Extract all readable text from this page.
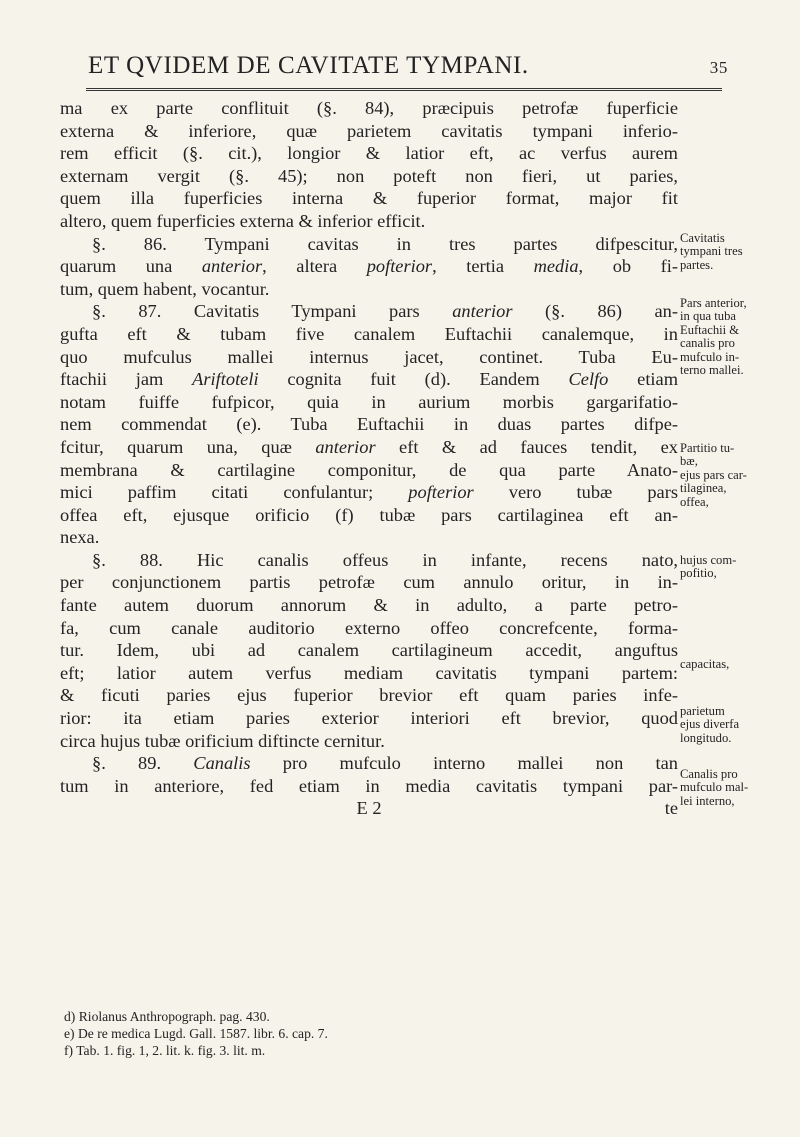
ET QVIDEM DE CAVITATE TYMPANI.	35
ma ex parte conflituit (§. 84), præcipuis petrofæ fuperficie
externa & inferiore, quæ parietem cavitatis tympani inferio-
rem efficit (§. cit.), longior & latior eft, ac verfus aurem
externam vergit (§. 45); non poteft non fieri, ut paries,
quem illa fuperficies interna & fuperior format, major fit
altero, quem fuperficies externa & inferior efficit.
§. 86. Tympani cavitas in tres partes difpescitur,
quarum una anterior, altera pofterior, tertia media, ob fi-
tum, quem habent, vocantur.
§. 87. Cavitatis Tympani pars anterior (§. 86) an-
gufta eft & tubam five canalem Euftachii canalemque, in
quo mufculus mallei internus jacet, continet. Tuba Eu-
ftachii jam Ariftoteli cognita fuit (d). Eandem Celfo etiam
notam fuiffe fufpicor, quia in aurium morbis gargarifatio-
nem commendat (e). Tuba Euftachii in duas partes difpe-
fcitur, quarum una, quæ anterior eft & ad fauces tendit, ex
membrana & cartilagine componitur, de qua parte Anato-
mici paffim citati confulantur; pofterior vero tubæ pars
offea eft, ejusque orificio (f) tubæ pars cartilaginea eft an-
nexa.
§. 88. Hic canalis offeus in infante, recens nato,
per conjunctionem partis petrofæ cum annulo oritur, in in-
fante autem duorum annorum & in adulto, a parte petro-
fa, cum canale auditorio externo offeo concrefcente, forma-
tur. Idem, ubi ad canalem cartilagineum accedit, anguftus
eft; latior autem verfus mediam cavitatis tympani partem:
& ficuti paries ejus fuperior brevior eft quam paries infe-
rior: ita etiam paries exterior interiori eft brevior, quod
circa hujus tubæ orificium diftincte cernitur.
§. 89. Canalis pro mufculo interno mallei non tan
tum in anteriore, fed etiam in media cavitatis tympani par-
E 2	te
Cavitatis
tympani tres
partes.
Pars anterior,
in qua tuba
Euftachii &
canalis pro
mufculo in-
terno mallei.
Partitio tu-
bæ,
ejus pars car-
tilaginea,
offea,
hujus com-
pofitio,
capacitas,
parietum
ejus diverfa
longitudo.
Canalis pro
mufculo mal-
lei interno,
d) Riolanus Anthropograph. pag. 430.
e) De re medica Lugd. Gall. 1587. libr. 6. cap. 7.
f) Tab. 1. fig. 1, 2. lit. k. fig. 3. lit. m.
